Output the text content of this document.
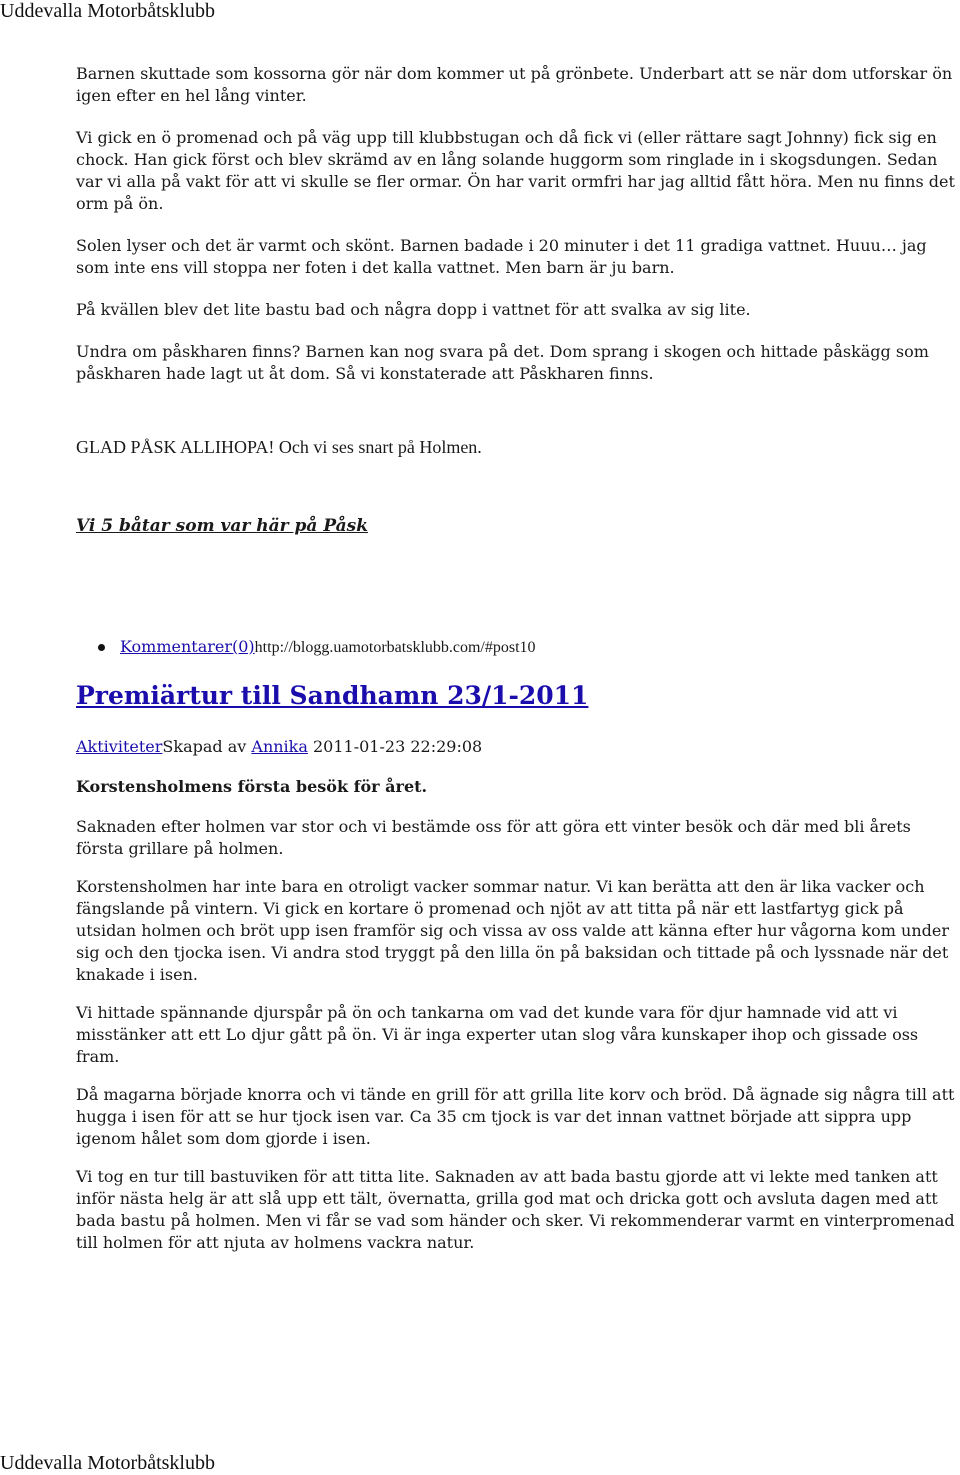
Uddevalla Motorbåtsklubb

Barnen skuttade som kossorna gör när dom kommer ut på grönbete. Underbart att se när dom utforskar ön igen efter en hel lång vinter.

Vi gick en ö promenad och på väg upp till klubbstugan och då fick vi (eller rättare sagt Johnny) fick sig en chock. Han gick först och blev skrämd av en lång solande huggorm som ringlade in i skogsdungen. Sedan var vi alla på vakt för att vi skulle se fler ormar. Ön har varit ormfri har jag alltid fått höra. Men nu finns det orm på ön.

Solen lyser och det är varmt och skönt. Barnen badade i 20 minuter i det 11 gradiga vattnet. Huuu… jag som inte ens vill stoppa ner foten i det kalla vattnet. Men barn är ju barn.

På kvällen blev det lite bastu bad och några dopp i vattnet för att svalka av sig lite.

Undra om påskharen finns? Barnen kan nog svara på det. Dom sprang i skogen och hittade påskägg som påskharen hade lagt ut åt dom. Så vi konstaterade att Påskharen finns.

GLAD PÅSK ALLIHOPA! Och vi ses snart på Holmen.
Vi 5 båtar som var här på Påsk
Kommentarer(0)http://blogg.uamotorbatsklubb.com/#post10
Premiärtur till Sandhamn 23/1-2011
AktiviteterSkapad av Annika 2011-01-23 22:29:08
Korstensholmens första besök för året.

Saknaden efter holmen var stor och vi bestämde oss för att göra ett vinter besök och där med bli årets första grillare på holmen.

Korstensholmen har inte bara en otroligt vacker sommar natur. Vi kan berätta att den är lika vacker och fängslande på vintern. Vi gick en kortare ö promenad och njöt av att titta på när ett lastfartyg gick på utsidan holmen och bröt upp isen framför sig och vissa av oss valde att känna efter hur vågorna kom under sig och den tjocka isen. Vi andra stod tryggt på den lilla ön på baksidan och tittade på och lyssnade när det knakade i isen.

Vi hittade spännande djurspår på ön och tankarna om vad det kunde vara för djur hamnade vid att vi misstänker att ett Lo djur gått på ön. Vi är inga experter utan slog våra kunskaper ihop och gissade oss fram.

Då magarna började knorra och vi tände en grill för att grilla lite korv och bröd. Då ägnade sig några till att hugga i isen för att se hur tjock isen var. Ca 35 cm tjock is var det innan vattnet började att sippra upp igenom hålet som dom gjorde i isen.

Vi tog en tur till bastuviken för att titta lite. Saknaden av att bada bastu gjorde att vi lekte med tanken att inför nästa helg är att slå upp ett tält, övernatta, grilla god mat och dricka gott och avsluta dagen med att bada bastu på holmen. Men vi får se vad som händer och sker. Vi rekommenderar varmt en vinterpromenad till holmen för att njuta av holmens vackra natur.

Uddevalla Motorbåtsklubb
